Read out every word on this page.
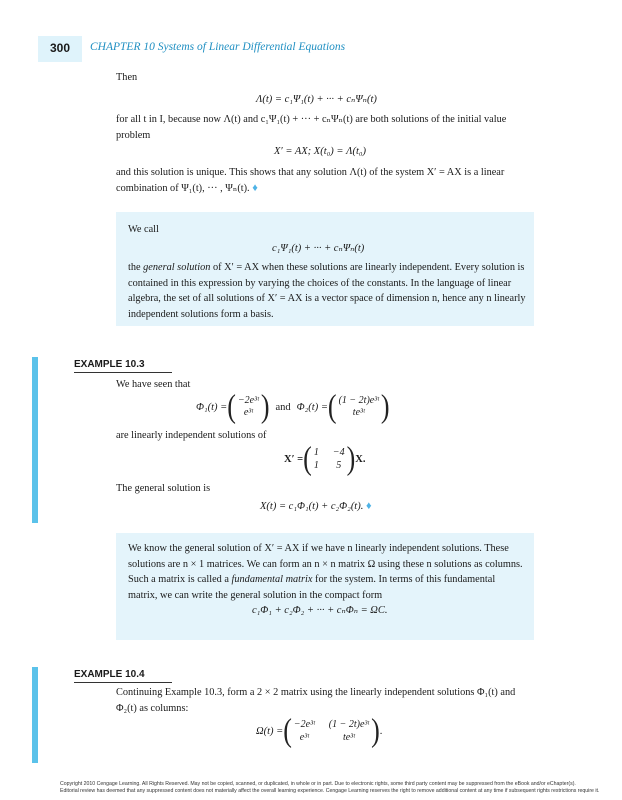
300	CHAPTER 10 Systems of Linear Differential Equations
Then
Λ(t) = c₁Ψ₁(t) + ··· + cₙΨₙ(t)
for all t in I, because now Λ(t) and c₁Ψ₁(t) + ··· + cₙΨₙ(t) are both solutions of the initial value problem
X′ = AX; X(t₀) = Λ(t₀)
and this solution is unique. This shows that any solution Λ(t) of the system X′ = AX is a linear combination of Ψ₁(t), ··· , Ψₙ(t). ♦
We call
c₁Ψ₁(t) + ··· + cₙΨₙ(t)
the general solution of X′ = AX when these solutions are linearly independent. Every solution is contained in this expression by varying the choices of the constants. In the language of linear algebra, the set of all solutions of X′ = AX is a vector space of dimension n, hence any n linearly independent solutions form a basis.
EXAMPLE 10.3
We have seen that
Φ₁(t) = ( −2e³ᵗ
e³ᵗ ) and Φ₂(t) = ( (1 − 2t)e³ᵗ
te³ᵗ )
are linearly independent solutions of
X′ = ( 1 −4
1	5 ) X.
The general solution is
X(t) = c₁Φ₁(t) + c₂Φ₂(t). ♦
We know the general solution of X′ = AX if we have n linearly independent solutions. These solutions are n × 1 matrices. We can form an n × n matrix Ω using these n solutions as columns. Such a matrix is called a fundamental matrix for the system. In terms of this fundamental matrix, we can write the general solution in the compact form
c₁Φ₁ + c₂Φ₂ + ··· + cₙΦₙ = ΩC.
EXAMPLE 10.4
Continuing Example 10.3, form a 2 × 2 matrix using the linearly independent solutions Φ₁(t) and Φ₂(t) as columns:
Ω(t) = ( −2e³ᵗ (1 − 2t)e³ᵗ
e³ᵗ	te³ᵗ ) .
Copyright 2010 Cengage Learning. All Rights Reserved. May not be copied, scanned, or duplicated, in whole or in part. Due to electronic rights, some third party content may be suppressed from the eBook and/or eChapter(s).
Editorial review has deemed that any suppressed content does not materially affect the overall learning experience. Cengage Learning reserves the right to remove additional content at any time if subsequent rights restrictions require it.
